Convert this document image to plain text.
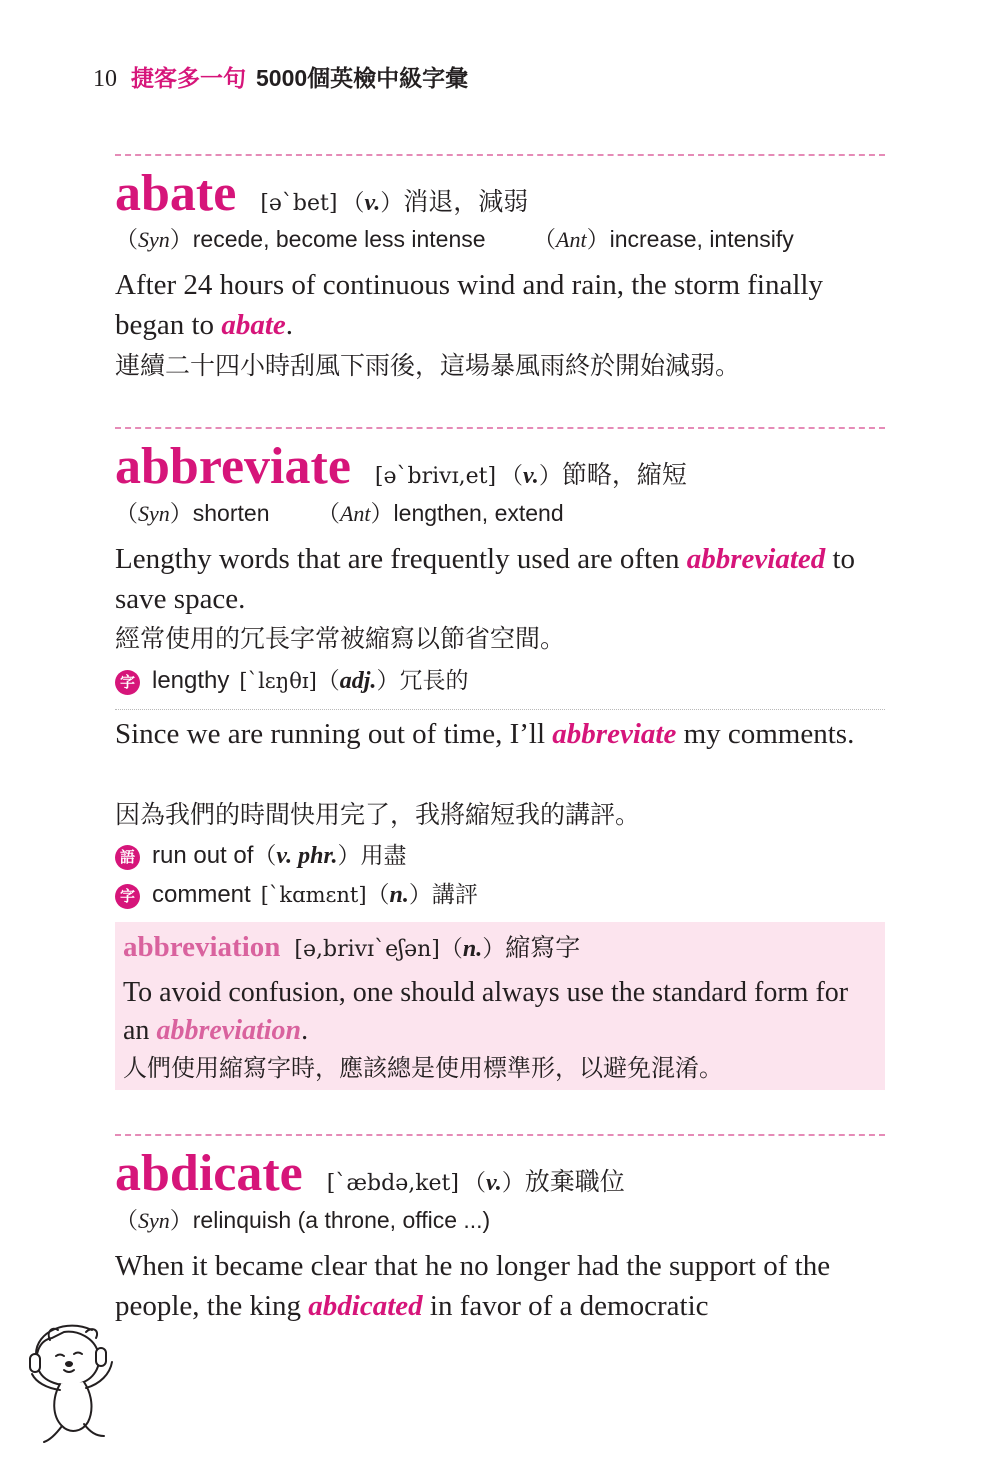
10 捷客多一句 5000個英檢中級字彙
abate [ə`bet] （v.）消退，減弱
（Syn）recede, become less intense （Ant）increase, intensify
After 24 hours of continuous wind and rain, the storm finally began to abate.
連續二十四小時刮風下雨後，這場暴風雨終於開始減弱。
abbreviate [ə`brivɪ,et] （v.）節略，縮短
（Syn）shorten （Ant）lengthen, extend
Lengthy words that are frequently used are often abbreviated to save space.
經常使用的冗長字常被縮寫以節省空間。
字 lengthy [`lɛŋθɪ]（adj.）冗長的
Since we are running out of time, I’ll abbreviate my comments.
因為我們的時間快用完了，我將縮短我的講評。
語 run out of（v. phr.）用盡
字 comment [`kɑmɛnt]（n.）講評
abbreviation [ə,brivɪ`eʃən]（n.）縮寫字
To avoid confusion, one should always use the standard form for an abbreviation.
人們使用縮寫字時，應該總是使用標準形，以避免混淆。
abdicate [`æbdə,ket] （v.）放棄職位
（Syn）relinquish (a throne, office ...)
When it became clear that he no longer had the support of the people, the king abdicated in favor of a democratic
